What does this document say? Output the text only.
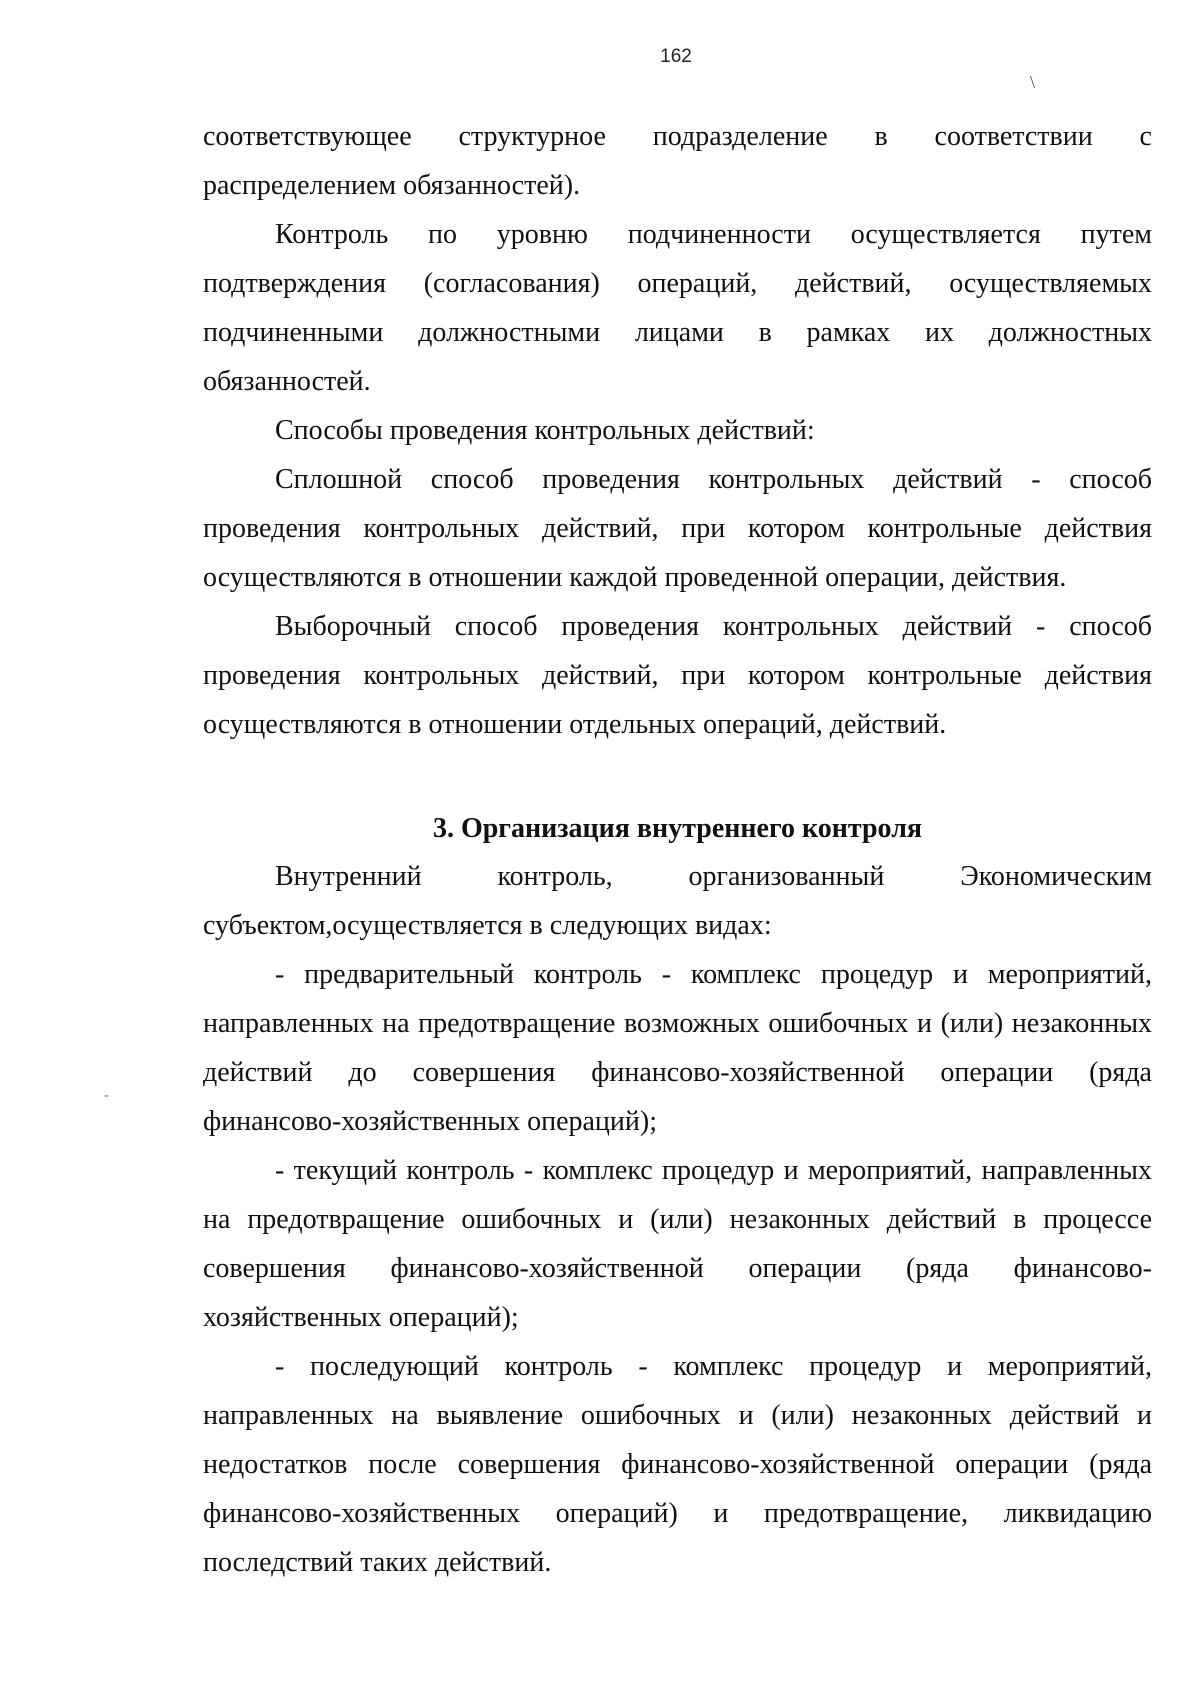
162
\
-

соответствующее структурное подразделение в соответствии с распределением обязанностей).

Контроль по уровню подчиненности осуществляется путем подтверждения (согласования) операций, действий, осуществляемых подчиненными должностными лицами в рамках их должностных обязанностей.

Способы проведения контрольных действий:

Сплошной способ проведения контрольных действий - способ проведения контрольных действий, при котором контрольные действия осуществляются в отношении каждой проведенной операции, действия.

Выборочный способ проведения контрольных действий - способ проведения контрольных действий, при котором контрольные действия осуществляются в отношении отдельных операций, действий.

3. Организация внутреннего контроля

Внутренний контроль, организованный Экономическим субъектом,осуществляется в следующих видах:

- предварительный контроль - комплекс процедур и мероприятий, направленных на предотвращение возможных ошибочных и (или) незаконных действий до совершения финансово-хозяйственной операции (ряда финансово-хозяйственных операций);

- текущий контроль - комплекс процедур и мероприятий, направленных на предотвращение ошибочных и (или) незаконных действий в процессе совершения финансово-хозяйственной операции (ряда финансово-хозяйственных операций);

- последующий контроль - комплекс процедур и мероприятий, направленных на выявление ошибочных и (или) незаконных действий и недостатков после совершения финансово-хозяйственной операции (ряда финансово-хозяйственных операций) и предотвращение, ликвидацию последствий таких действий.
